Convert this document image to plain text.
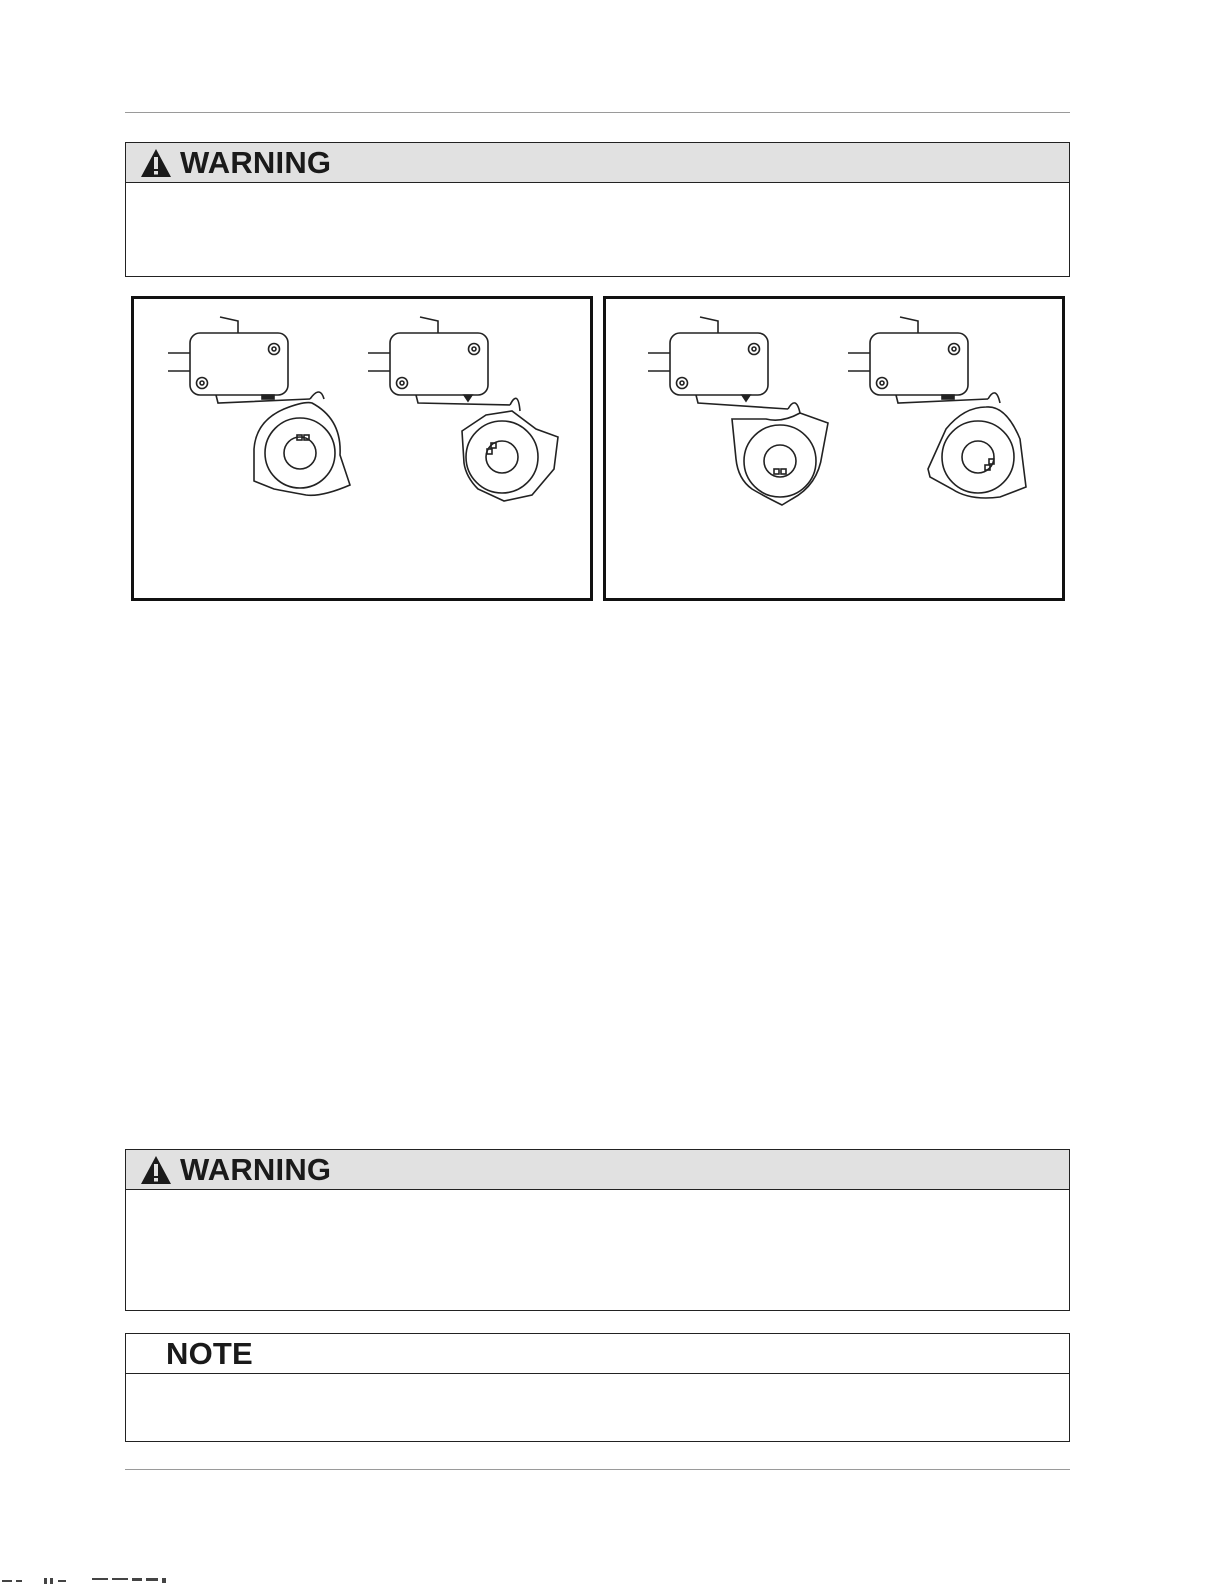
WARNING
WARNING
NOTE
